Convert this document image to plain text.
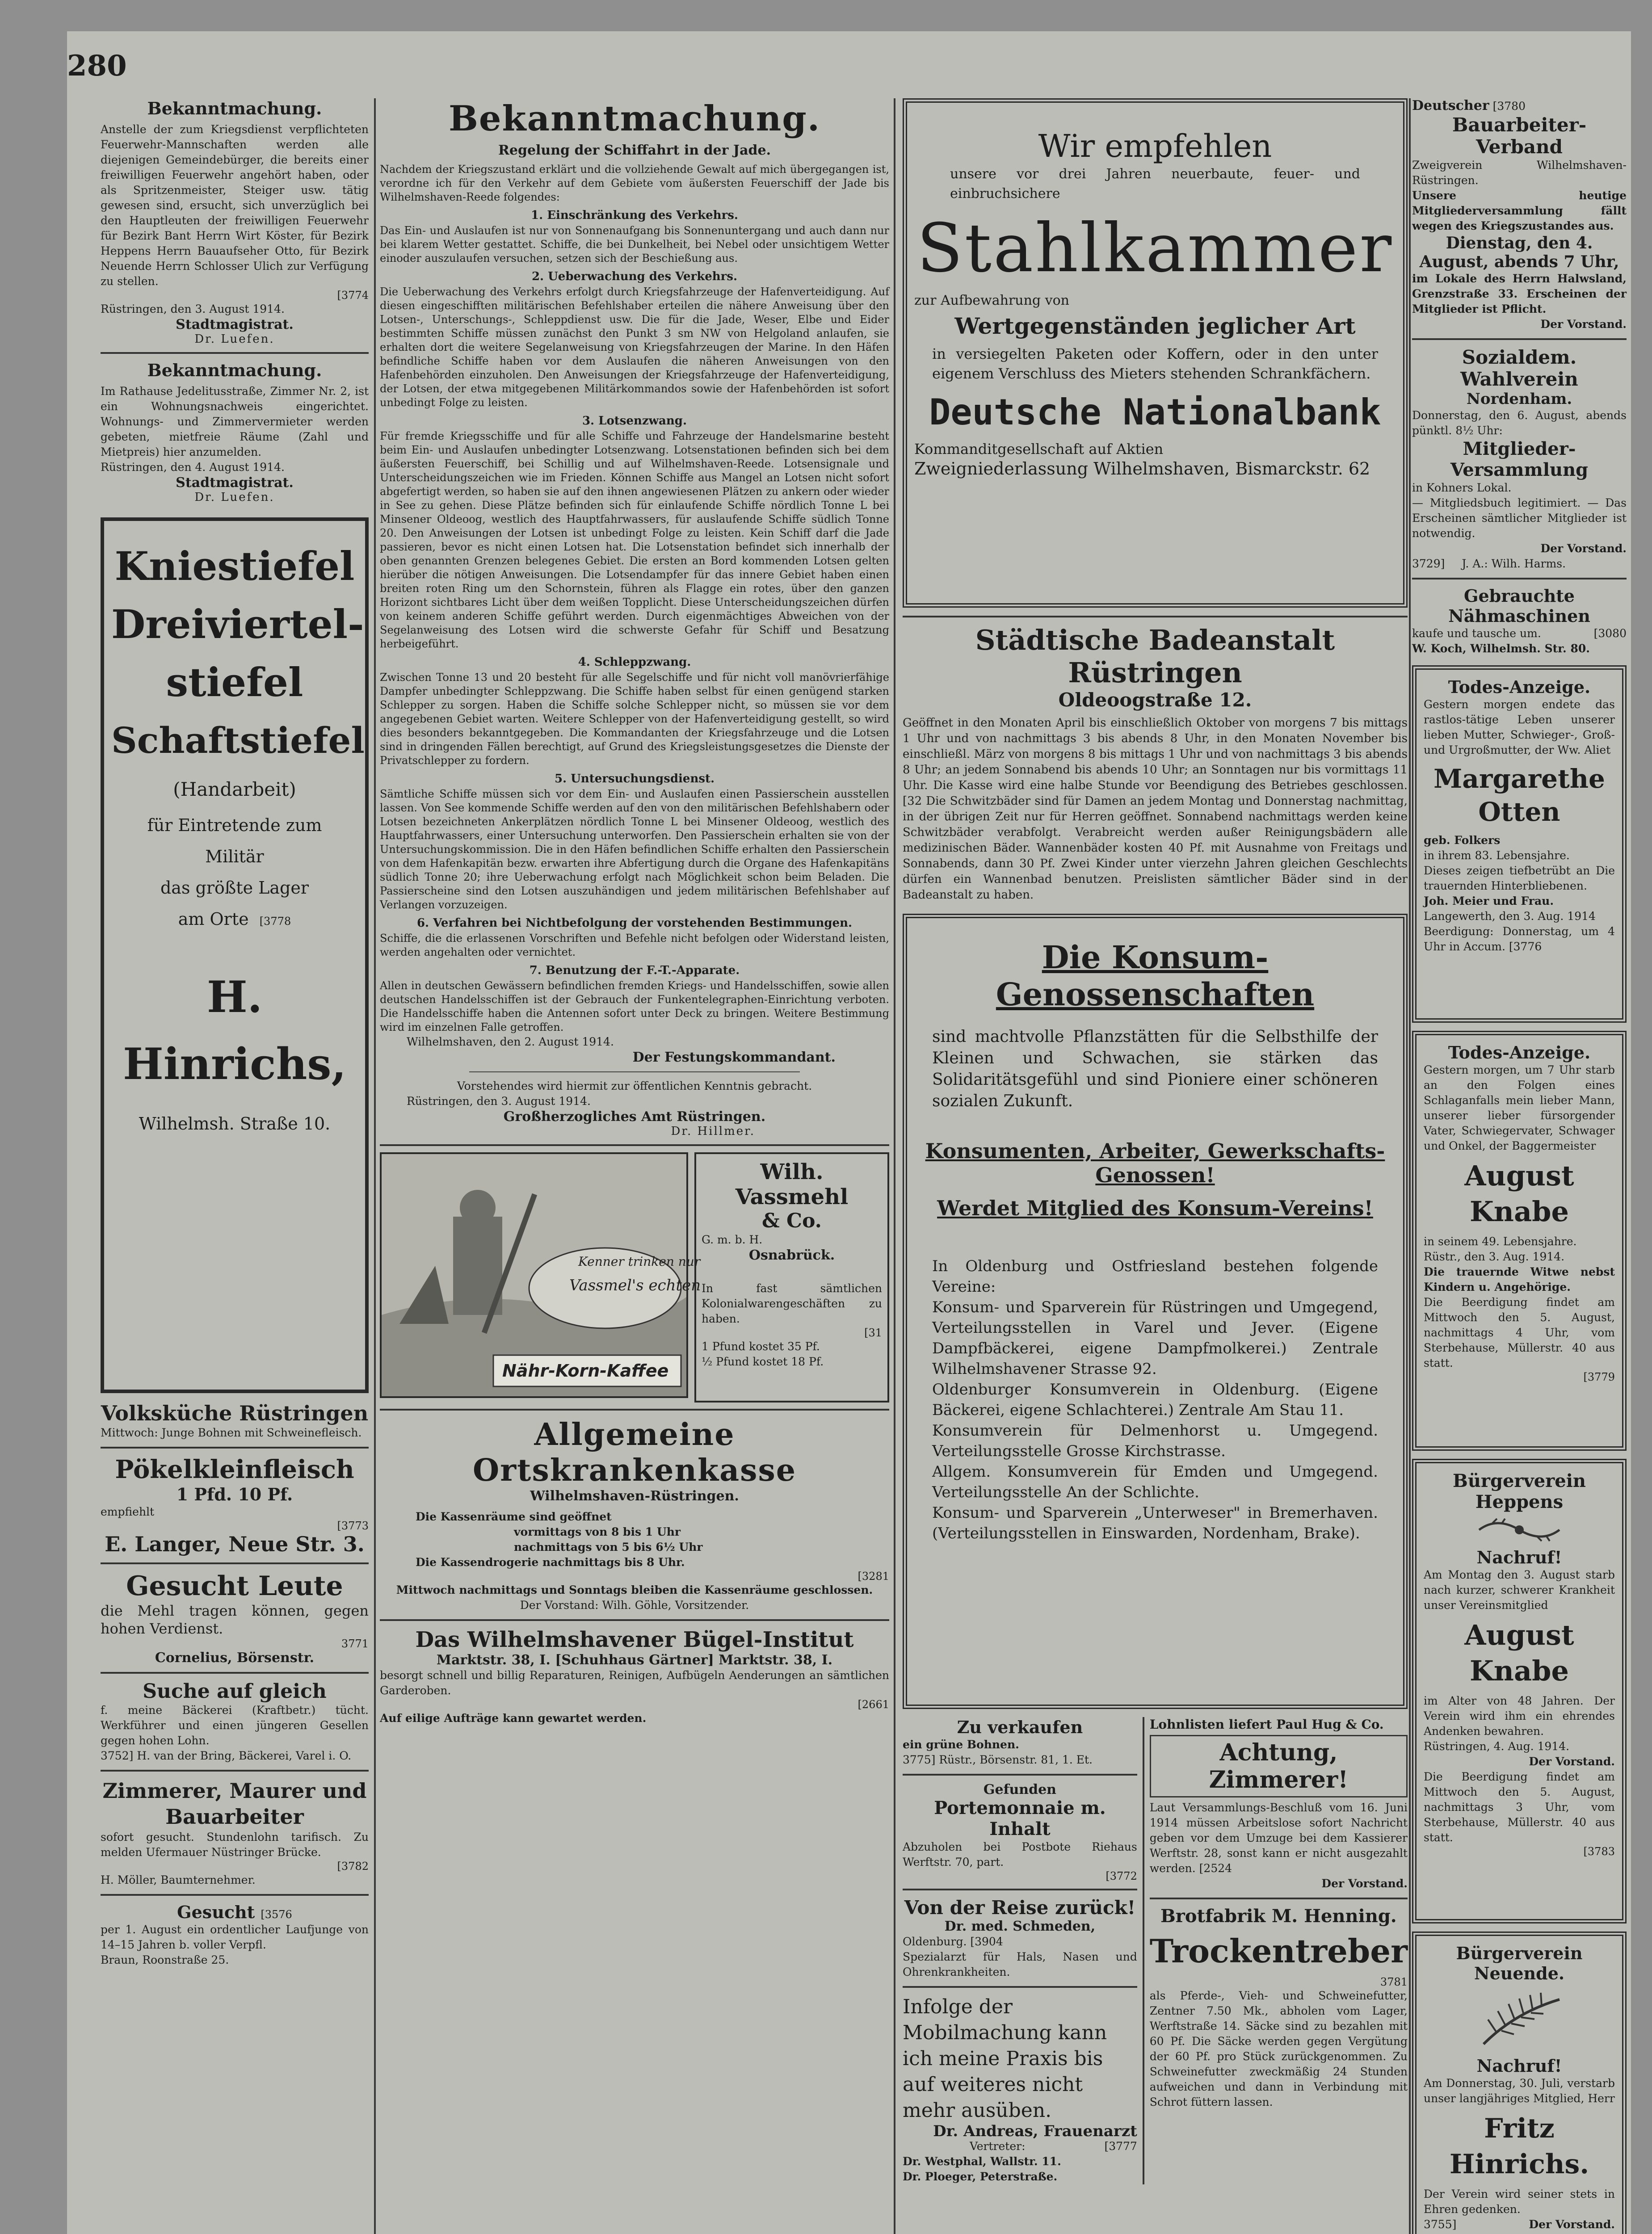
280
Bekanntmachung.
Anstelle der zum Kriegsdienst verpflichteten Feuerwehr-Mannschaften werden alle diejenigen Gemeindebürger, die bereits einer freiwilligen Feuerwehr angehört haben, oder als Spritzenmeister, Steiger usw. tätig gewesen sind, ersucht, sich unverzüglich bei den Hauptleuten der freiwilligen Feuerwehr für Bezirk Bant Herrn Wirt Köster, für Bezirk Heppens Herrn Bauaufseher Otto, für Bezirk Neuende Herrn Schlosser Ulich zur Verfügung zu stellen.
[3774
Rüstringen, den 3. August 1914.
Stadtmagistrat.
Dr. Luefen.
Bekanntmachung.
Im Rathause Jedelitusstraße, Zimmer Nr. 2, ist ein Wohnungsnachweis eingerichtet. Wohnungs- und Zimmervermieter werden gebeten, mietfreie Räume (Zahl und Mietpreis) hier anzumelden.
Rüstringen, den 4. August 1914.
Stadtmagistrat.
Dr. Luefen.
Kniestiefel
Dreiviertel-
stiefel
Schaftstiefel
(Handarbeit)
für Eintretende zum
Militär
das größte Lager
am Orte [3778
H. Hinrichs,
Wilhelmsh. Straße 10.
Volksküche Rüstringen
Mittwoch: Junge Bohnen mit Schweinefleisch.
Pökelkleinfleisch
1 Pfd. 10 Pf.
empfiehlt
[3773
E. Langer, Neue Str. 3.
Gesucht Leute
die Mehl tragen können, gegen hohen Verdienst.
3771
Cornelius, Börsenstr.
Suche auf gleich
f. meine Bäckerei (Kraftbetr.) tücht. Werkführer und einen jüngeren Gesellen gegen hohen Lohn.
3752] H. van der Bring, Bäckerei, Varel i. O.
Zimmerer, Maurer und Bauarbeiter
sofort gesucht. Stundenlohn tarifisch. Zu melden Ufermauer Nüstringer Brücke.
[3782
H. Möller, Baumternehmer.
Gesucht [3576
per 1. August ein ordentlicher Laufjunge von 14–15 Jahren b. voller Verpfl.
Braun, Roonstraße 25.
Bekanntmachung.
Regelung der Schiffahrt in der Jade.
Nachdem der Kriegszustand erklärt und die vollziehende Gewalt auf mich übergegangen ist, verordne ich für den Verkehr auf dem Gebiete vom äußersten Feuerschiff der Jade bis Wilhelmshaven-Reede folgendes:
1. Einschränkung des Verkehrs.
Das Ein- und Auslaufen ist nur von Sonnenaufgang bis Sonnenuntergang und auch dann nur bei klarem Wetter gestattet. Schiffe, die bei Dunkelheit, bei Nebel oder unsichtigem Wetter einoder auszulaufen versuchen, setzen sich der Beschießung aus.
2. Ueberwachung des Verkehrs.
Die Ueberwachung des Verkehrs erfolgt durch Kriegsfahrzeuge der Hafenverteidigung. Auf diesen eingeschifften militärischen Befehlshaber erteilen die nähere Anweisung über den Lotsen-, Unterschungs-, Schleppdienst usw. Die für die Jade, Weser, Elbe und Eider bestimmten Schiffe müssen zunächst den Punkt 3 sm NW von Helgoland anlaufen, sie erhalten dort die weitere Segelanweisung von Kriegsfahrzeugen der Marine. In den Häfen befindliche Schiffe haben vor dem Auslaufen die näheren Anweisungen von den Hafenbehörden einzuholen. Den Anweisungen der Kriegsfahrzeuge der Hafenverteidigung, der Lotsen, der etwa mitgegebenen Militärkommandos sowie der Hafenbehörden ist sofort unbedingt Folge zu leisten.
3. Lotsenzwang.
Für fremde Kriegsschiffe und für alle Schiffe und Fahrzeuge der Handelsmarine besteht beim Ein- und Auslaufen unbedingter Lotsenzwang. Lotsenstationen befinden sich bei dem äußersten Feuerschiff, bei Schillig und auf Wilhelmshaven-Reede. Lotsensignale und Unterscheidungszeichen wie im Frieden. Können Schiffe aus Mangel an Lotsen nicht sofort abgefertigt werden, so haben sie auf den ihnen angewiesenen Plätzen zu ankern oder wieder in See zu gehen. Diese Plätze befinden sich für einlaufende Schiffe nördlich Tonne L bei Minsener Oldeoog, westlich des Hauptfahrwassers, für auslaufende Schiffe südlich Tonne 20. Den Anweisungen der Lotsen ist unbedingt Folge zu leisten. Kein Schiff darf die Jade passieren, bevor es nicht einen Lotsen hat. Die Lotsenstation befindet sich innerhalb der oben genannten Grenzen belegenes Gebiet. Die ersten an Bord kommenden Lotsen gelten hierüber die nötigen Anweisungen. Die Lotsendampfer für das innere Gebiet haben einen breiten roten Ring um den Schornstein, führen als Flagge ein rotes, über den ganzen Horizont sichtbares Licht über dem weißen Topplicht. Diese Unterscheidungszeichen dürfen von keinem anderen Schiffe geführt werden. Durch eigenmächtiges Abweichen von der Segelanweisung des Lotsen wird die schwerste Gefahr für Schiff und Besatzung herbeigeführt.
4. Schleppzwang.
Zwischen Tonne 13 und 20 besteht für alle Segelschiffe und für nicht voll manövrierfähige Dampfer unbedingter Schleppzwang. Die Schiffe haben selbst für einen genügend starken Schlepper zu sorgen. Haben die Schiffe solche Schlepper nicht, so müssen sie vor dem angegebenen Gebiet warten. Weitere Schlepper von der Hafenverteidigung gestellt, so wird dies besonders bekanntgegeben. Die Kommandanten der Kriegsfahrzeuge und die Lotsen sind in dringenden Fällen berechtigt, auf Grund des Kriegsleistungsgesetzes die Dienste der Privatschlepper zu fordern.
5. Untersuchungsdienst.
Sämtliche Schiffe müssen sich vor dem Ein- und Auslaufen einen Passierschein ausstellen lassen. Von See kommende Schiffe werden auf den von den militärischen Befehlshabern oder Lotsen bezeichneten Ankerplätzen nördlich Tonne L bei Minsener Oldeoog, westlich des Hauptfahrwassers, einer Untersuchung unterworfen. Den Passierschein erhalten sie von der Untersuchungskommission. Die in den Häfen befindlichen Schiffe erhalten den Passierschein von dem Hafenkapitän bezw. erwarten ihre Abfertigung durch die Organe des Hafenkapitäns südlich Tonne 20; ihre Ueberwachung erfolgt nach Möglichkeit schon beim Beladen. Die Passierscheine sind den Lotsen auszuhändigen und jedem militärischen Befehlshaber auf Verlangen vorzuzeigen.
6. Verfahren bei Nichtbefolgung der vorstehenden Bestimmungen.
Schiffe, die die erlassenen Vorschriften und Befehle nicht befolgen oder Widerstand leisten, werden angehalten oder vernichtet.
7. Benutzung der F.-T.-Apparate.
Allen in deutschen Gewässern befindlichen fremden Kriegs- und Handelsschiffen, sowie allen deutschen Handelsschiffen ist der Gebrauch der Funkentelegraphen-Einrichtung verboten. Die Handelsschiffe haben die Antennen sofort unter Deck zu bringen. Weitere Bestimmung wird im einzelnen Falle getroffen.
Wilhelmshaven, den 2. August 1914.
Der Festungskommandant.
Vorstehendes wird hiermit zur öffentlichen Kenntnis gebracht.
Rüstringen, den 3. August 1914.
Großherzogliches Amt Rüstringen.
Dr. Hillmer.
Kenner trinken nur
Vassmel's echten
Nähr-Korn-Kaffee
Wilh. Vassmehl
& Co.
G. m. b. H.
Osnabrück.
In fast sämtlichen Kolonialwarengeschäften zu haben.
[31
1 Pfund kostet 35 Pf.
½ Pfund kostet 18 Pf.
Allgemeine Ortskrankenkasse
Wilhelmshaven-Rüstringen.
Die Kassenräume sind geöffnet
vormittags von 8 bis 1 Uhr
nachmittags von 5 bis 6½ Uhr
Die Kassendrogerie nachmittags bis 8 Uhr.
[3281
Mittwoch nachmittags und Sonntags bleiben die Kassenräume geschlossen.
Der Vorstand: Wilh. Göhle, Vorsitzender.
Das Wilhelmshavener Bügel-Institut
Marktstr. 38, I. [Schuhhaus Gärtner] Marktstr. 38, I.
besorgt schnell und billig Reparaturen, Reinigen, Aufbügeln Aenderungen an sämtlichen Garderoben.
[2661
Auf eilige Aufträge kann gewartet werden.
Wir empfehlen
unsere vor drei Jahren neuerbaute, feuer- und einbruchsichere
Stahlkammer
zur Aufbewahrung von
Wertgegenständen jeglicher Art
in versiegelten Paketen oder Koffern, oder in den unter eigenem Verschluss des Mieters stehenden Schrankfächern.
Deutsche Nationalbank
Kommanditgesellschaft auf Aktien
Zweigniederlassung Wilhelmshaven, Bismarckstr. 62
Städtische Badeanstalt Rüstringen
Oldeoogstraße 12.
Geöffnet in den Monaten April bis einschließlich Oktober von morgens 7 bis mittags 1 Uhr und von nachmittags 3 bis abends 8 Uhr, in den Monaten November bis einschließl. März von morgens 8 bis mittags 1 Uhr und von nachmittags 3 bis abends 8 Uhr; an jedem Sonnabend bis abends 10 Uhr; an Sonntagen nur bis vormittags 11 Uhr. Die Kasse wird eine halbe Stunde vor Beendigung des Betriebes geschlossen. [32 Die Schwitzbäder sind für Damen an jedem Montag und Donnerstag nachmittag, in der übrigen Zeit nur für Herren geöffnet. Sonnabend nachmittags werden keine Schwitzbäder verabfolgt. Verabreicht werden außer Reinigungsbädern alle medizinischen Bäder. Wannenbäder kosten 40 Pf. mit Ausnahme von Freitags und Sonnabends, dann 30 Pf. Zwei Kinder unter vierzehn Jahren gleichen Geschlechts dürfen ein Wannenbad benutzen. Preislisten sämtlicher Bäder sind in der Badeanstalt zu haben.
Die Konsum-Genossenschaften
sind machtvolle Pflanzstätten für die Selbsthilfe der Kleinen und Schwachen, sie stärken das Solidaritätsgefühl und sind Pioniere einer schöneren sozialen Zukunft.
Konsumenten, Arbeiter, Gewerkschafts-Genossen!
Werdet Mitglied des Konsum-Vereins!
In Oldenburg und Ostfriesland bestehen folgende Vereine:
Konsum- und Sparverein für Rüstringen und Umgegend, Verteilungsstellen in Varel und Jever. (Eigene Dampfbäckerei, eigene Dampfmolkerei.) Zentrale Wilhelmshavener Strasse 92.
Oldenburger Konsumverein in Oldenburg. (Eigene Bäckerei, eigene Schlachterei.) Zentrale Am Stau 11.
Konsumverein für Delmenhorst u. Umgegend. Verteilungsstelle Grosse Kirchstrasse.
Allgem. Konsumverein für Emden und Umgegend. Verteilungsstelle An der Schlichte.
Konsum- und Sparverein „Unterweser" in Bremerhaven. (Verteilungsstellen in Einswarden, Nordenham, Brake).
Zu verkaufen
ein grüne Bohnen.
3775] Rüstr., Börsenstr. 81, 1. Et.
Gefunden
Portemonnaie m. Inhalt
Abzuholen bei Postbote Riehaus Werftstr. 70, part.
[3772
Von der Reise zurück!
Dr. med. Schmeden,
Oldenburg. [3904
Spezialarzt für Hals, Nasen und Ohrenkrankheiten.
Infolge der Mobilmachung kann ich meine Praxis bis auf weiteres nicht mehr ausüben.
Dr. Andreas, Frauenarzt
Vertreter:	[3777
Dr. Westphal, Wallstr. 11.
Dr. Ploeger, Peterstraße.
Lohnlisten liefert Paul Hug & Co.
Achtung, Zimmerer!
Laut Versammlungs-Beschluß vom 16. Juni 1914 müssen Arbeitslose sofort Nachricht geben vor dem Umzuge bei dem Kassierer Werftstr. 28, sonst kann er nicht ausgezahlt werden. [2524
Der Vorstand.
Brotfabrik M. Henning.
Trockentreber
3781
als Pferde-, Vieh- und Schweinefutter, Zentner 7.50 Mk., abholen vom Lager, Werftstraße 14. Säcke sind zu bezahlen mit 60 Pf. Die Säcke werden gegen Vergütung der 60 Pf. pro Stück zurückgenommen. Zu Schweinefutter zweckmäßig 24 Stunden aufweichen und dann in Verbindung mit Schrot füttern lassen.
Deutscher [3780
Bauarbeiter-Verband
Zweigverein Wilhelmshaven-Rüstringen.
Unsere heutige Mitgliederversammlung fällt wegen des Kriegszustandes aus.
Dienstag, den 4. August, abends 7 Uhr,
im Lokale des Herrn Halwsland, Grenzstraße 33. Erscheinen der Mitglieder ist Pflicht.
Der Vorstand.
Sozialdem. Wahlverein
Nordenham.
Donnerstag, den 6. August, abends pünktl. 8½ Uhr:
Mitglieder-Versammlung
in Kohners Lokal.
— Mitgliedsbuch legitimiert. — Das Erscheinen sämtlicher Mitglieder ist notwendig.
Der Vorstand.
3729] J. A.: Wilh. Harms.
Gebrauchte Nähmaschinen
kaufe und tausche um.	[3080
W. Koch, Wilhelmsh. Str. 80.
Todes-Anzeige.
Gestern morgen endete das rastlos-tätige Leben unserer lieben Mutter, Schwieger-, Groß- und Urgroßmutter, der Ww. Aliet
Margarethe Otten
geb. Folkers
in ihrem 83. Lebensjahre.
Dieses zeigen tiefbetrübt an Die trauernden Hinterbliebenen.
Joh. Meier und Frau.
Langewerth, den 3. Aug. 1914
Beerdigung: Donnerstag, um 4 Uhr in Accum. [3776
Todes-Anzeige.
Gestern morgen, um 7 Uhr starb an den Folgen eines Schlaganfalls mein lieber Mann, unserer lieber fürsorgender Vater, Schwiegervater, Schwager und Onkel, der Baggermeister
August Knabe
in seinem 49. Lebensjahre.
Rüstr., den 3. Aug. 1914.
Die trauernde Witwe nebst Kindern u. Angehörige.
Die Beerdigung findet am Mittwoch den 5. August, nachmittags 4 Uhr, vom Sterbehause, Müllerstr. 40 aus statt.
[3779
Bürgerverein Heppens
Nachruf!
Am Montag den 3. August starb nach kurzer, schwerer Krankheit unser Vereinsmitglied
August Knabe
im Alter von 48 Jahren. Der Verein wird ihm ein ehrendes Andenken bewahren.
Rüstringen, 4. Aug. 1914.
Der Vorstand.
Die Beerdigung findet am Mittwoch den 5. August, nachmittags 3 Uhr, vom Sterbehause, Müllerstr. 40 aus statt.
[3783
Bürgerverein Neuende.
Nachruf!
Am Donnerstag, 30. Juli, verstarb unser langjähriges Mitglied, Herr
Fritz Hinrichs.
Der Verein wird seiner stets in Ehren gedenken.
3755]	Der Vorstand.
